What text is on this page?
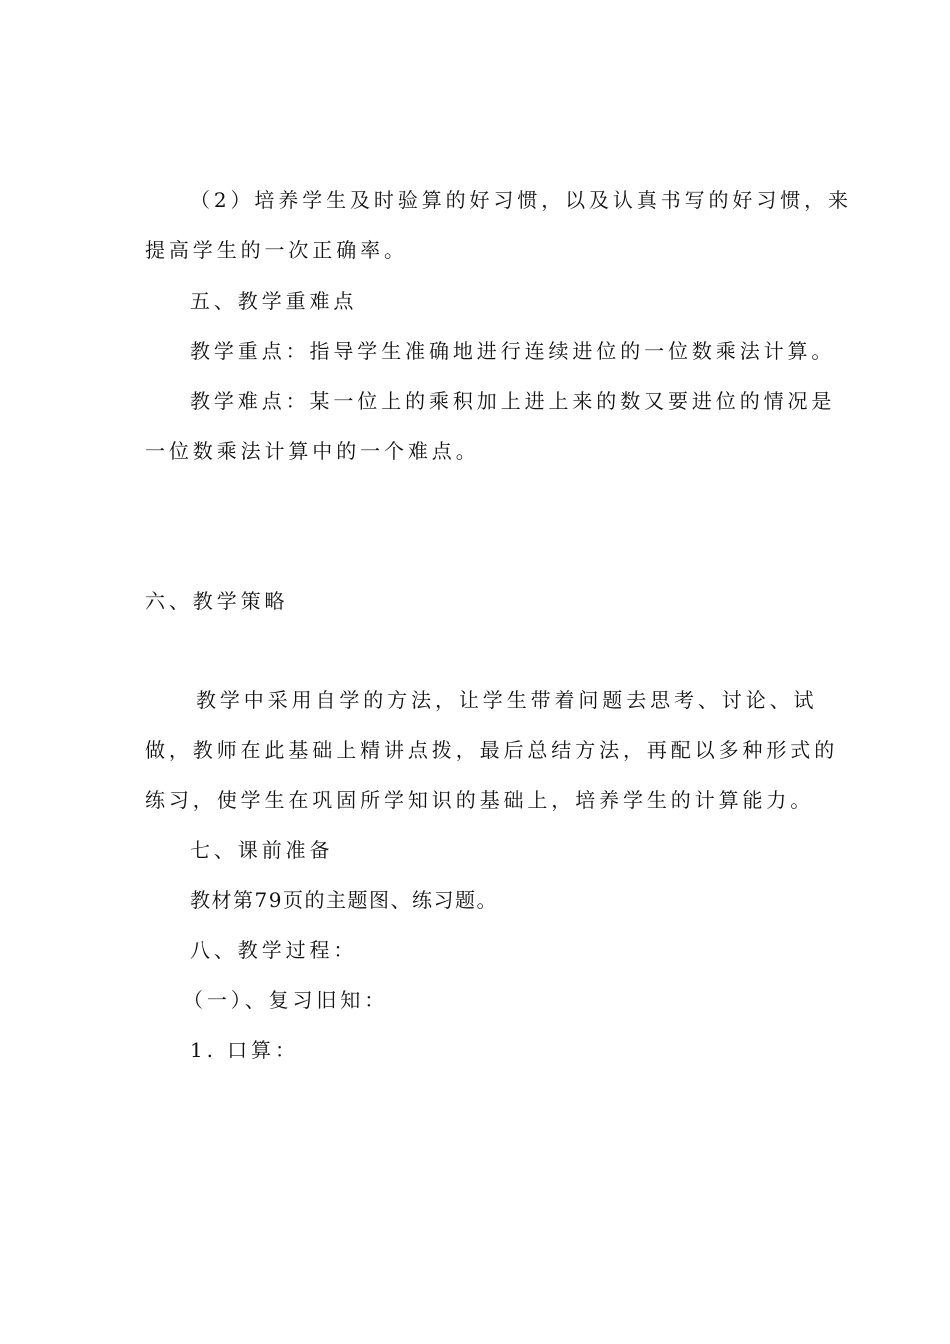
（2）培养学生及时验算的好习惯，以及认真书写的好习惯，来
提高学生的一次正确率。
五、教学重难点
教学重点：指导学生准确地进行连续进位的一位数乘法计算。
教学难点：某一位上的乘积加上进上来的数又要进位的情况是
一位数乘法计算中的一个难点。
六、教学策略
教学中采用自学的方法，让学生带着问题去思考、讨论、试
做，教师在此基础上精讲点拨，最后总结方法，再配以多种形式的
练习，使学生在巩固所学知识的基础上，培养学生的计算能力。
七、课前准备
教材第79页的主题图、练习题。
八、教学过程：
（一）、复习旧知：
1. 口算：
